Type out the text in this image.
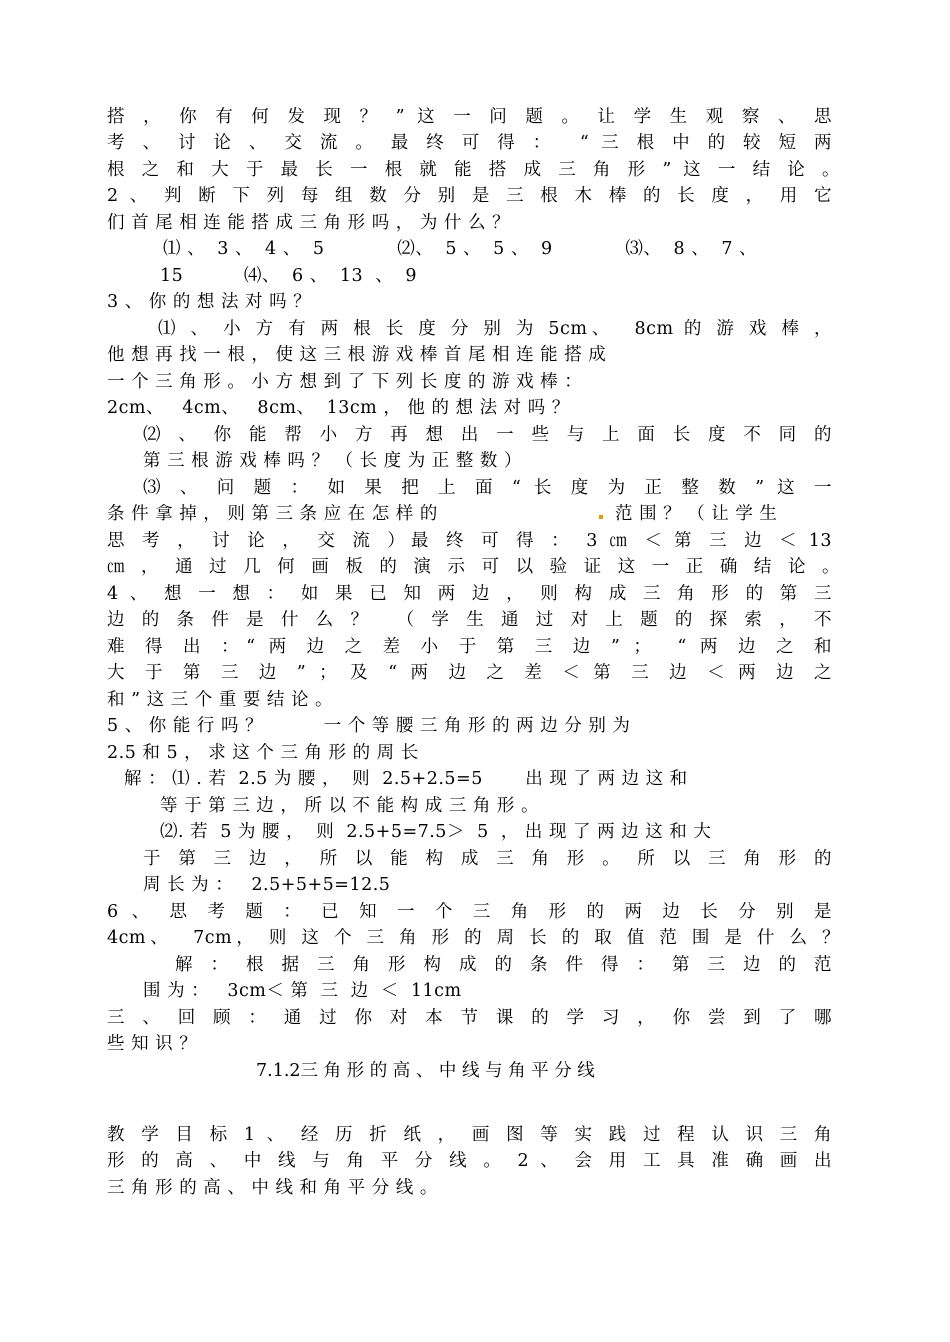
搭 ， 你 有 何 发 现 ？ ” 这 一 问 题 。 让 学 生 观 察 、 思
考 、 讨 论 、 交 流 。 最 终 可 得 ：  “ 三 根 中 的 较 短 两
根 之 和 大 于 最 长 一 根 就 能 搭 成 三 角 形 ” 这 一 结 论 。
2 、 判 断 下 列 每 组 数 分 别 是 三 根 木 棒 的 长 度 ， 用 它
们 首 尾 相 连 能 搭 成 三 角 形 吗 ， 为 什 么 ？
⑴ 、  3 、  4 、  5            ⑵、  5 、  5 、  9            ⑶、  8 、  7 、
15          ⑷、  6 、  13  、  9
3 、 你 的 想 法 对 吗 ？
⑴ 、 小 方 有 两 根 长 度 分 别 为 5cm、  8cm 的 游 戏 棒 ，
他 想 再 找 一 根 ， 使 这 三 根 游 戏 棒 首 尾 相 连 能 搭 成
一 个 三 角 形 。 小 方 想 到 了 下 列 长 度 的 游 戏 棒 ：
2cm、   4cm、   8cm、  13cm ， 他 的 想 法 对 吗 ？
⑵ 、 你 能 帮 小 方 再 想 出 一 些 与 上 面 长 度 不 同 的
第 三 根 游 戏 棒 吗 ？ （ 长 度 为 正 整 数 ）
⑶ 、 问 题 ： 如 果 把 上 面 “ 长 度 为 正 整 数 ” 这 一
条 件 拿 掉 ， 则 第 三 条 应 在 怎 样 的	范 围 ？ （ 让 学 生
思 考 ， 讨 论 ， 交 流 ）最 终 可 得 ： 3 ㎝ ＜ 第 三 边 ＜ 13
㎝ ， 通 过 几 何 画 板 的 演 示 可 以 验 证 这 一 正 确 结 论 。
4 、 想 一 想 ： 如 果 已 知 两 边 ， 则 构 成 三 角 形 的 第 三
边 的 条 件 是 什 么 ？  （ 学 生 通 过 对 上 题 的 探 索 ， 不
难 得 出 ：“ 两 边 之 差 小 于 第 三 边 ” ；  “ 两 边 之 和
大 于 第 三 边 ” ； 及 “ 两 边 之 差 ＜ 第 三 边 ＜ 两 边 之
和 ” 这 三 个 重 要 结 论 。
5 、 你 能 行 吗 ？          一 个 等 腰 三 角 形 的 两 边 分 别 为
2.5 和 5 ， 求 这 个 三 角 形 的 周 长
解 ： ⑴ . 若  2.5 为 腰 ，  则  2.5+2.5=5       出 现 了 两 边 这 和
等 于 第 三 边 ， 所 以 不 能 构 成 三 角 形 。
⑵. 若  5 为 腰 ，  则  2.5+5=7.5＞  5  ， 出 现 了 两 边 这 和 大
于 第 三 边 ， 所 以 能 构 成 三 角 形 。 所 以 三 角 形 的
周 长 为 ：   2.5+5+5=12.5
6 、 思 考 题 ： 已 知 一 个 三 角 形 的 两 边 长 分 别 是
4cm、  7cm， 则 这 个 三 角 形 的 周 长 的 取 值 范 围 是 什 么 ？
解 ： 根 据 三 角 形 构 成 的 条 件 得 ： 第 三 边 的 范
围 为 ：   3cm＜ 第  三  边  ＜  11cm
三 、 回 顾 ： 通 过 你 对 本 节 课 的 学 习 ， 你 尝 到 了 哪
些 知 识 ？
7.1.2三 角 形 的 高 、 中 线 与 角 平 分 线
教 学 目 标 1 、 经 历 折 纸 ， 画 图 等 实 践 过 程 认 识 三 角
形 的 高 、 中 线 与 角 平 分 线 。 2 、 会 用 工 具 准 确 画 出
三 角 形 的 高 、 中 线 和 角 平 分 线 。
